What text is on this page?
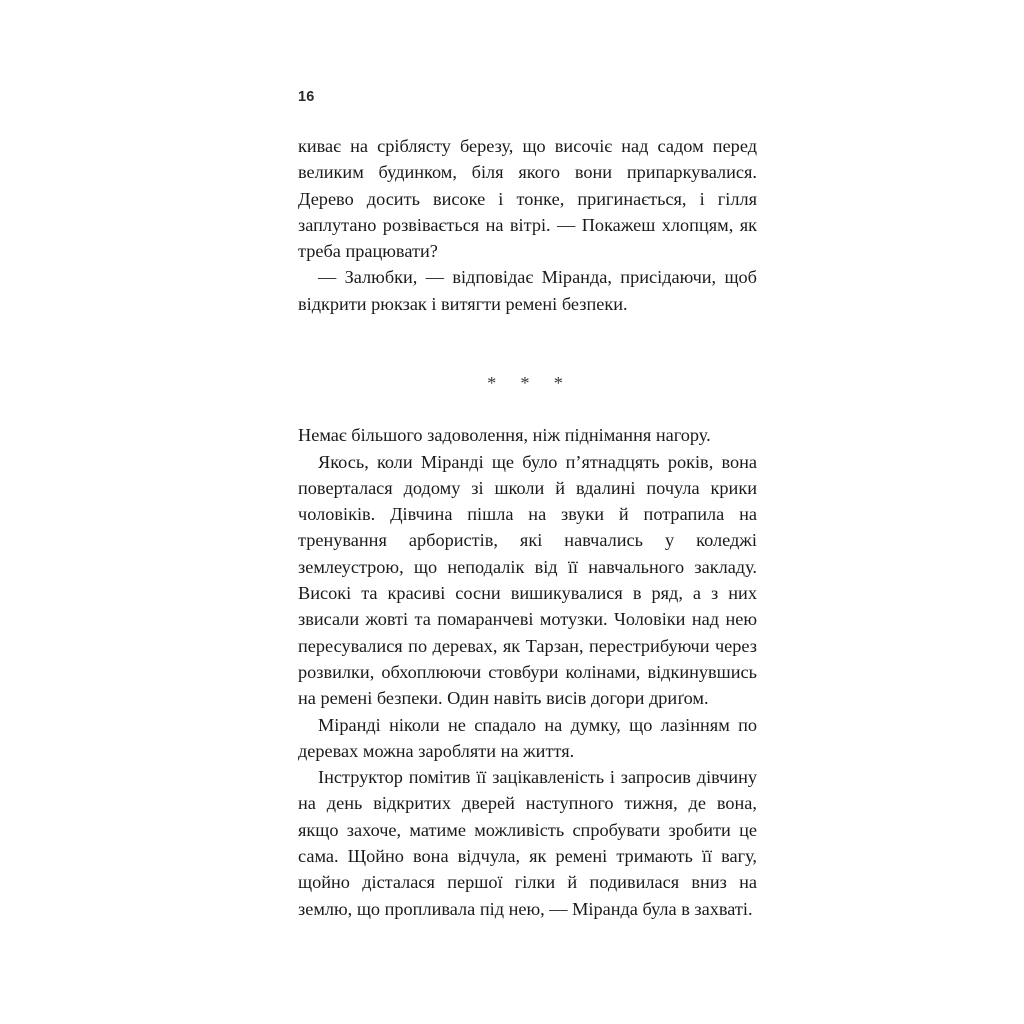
16

киває на сріблясту березу, що височіє над садом перед великим будинком, біля якого вони припаркувалися. Дерево досить високе і тонке, пригинається, і гілля заплутано розвівається на вітрі. — Покажеш хлопцям, як треба працювати?

— Залюбки, — відповідає Міранда, присідаючи, щоб відкрити рюкзак і витягти ремені безпеки.

*  *  *

Немає більшого задоволення, ніж піднімання нагору.

Якось, коли Міранді ще було п’ятнадцять років, вона поверталася додому зі школи й вдалині почула крики чоловіків. Дівчина пішла на звуки й потрапила на тренування арбористів, які навчались у коледжі землеустрою, що неподалік від її навчального закладу. Високі та красиві сосни вишикувалися в ряд, а з них звисали жовті та помаранчеві мотузки. Чоловіки над нею пересувалися по деревах, як Тарзан, перестрибуючи через розвилки, обхоплюючи стовбури колінами, відкинувшись на ремені безпеки. Один навіть висів догори дриґом.

Міранді ніколи не спадало на думку, що лазінням по деревах можна заробляти на життя.

Інструктор помітив її зацікавленість і запросив дівчину на день відкритих дверей наступного тижня, де вона, якщо захоче, матиме можливість спробувати зробити це сама. Щойно вона відчула, як ремені тримають її вагу, щойно дісталася першої гілки й подивилася вниз на землю, що пропливала під нею, — Міранда була в захваті.
